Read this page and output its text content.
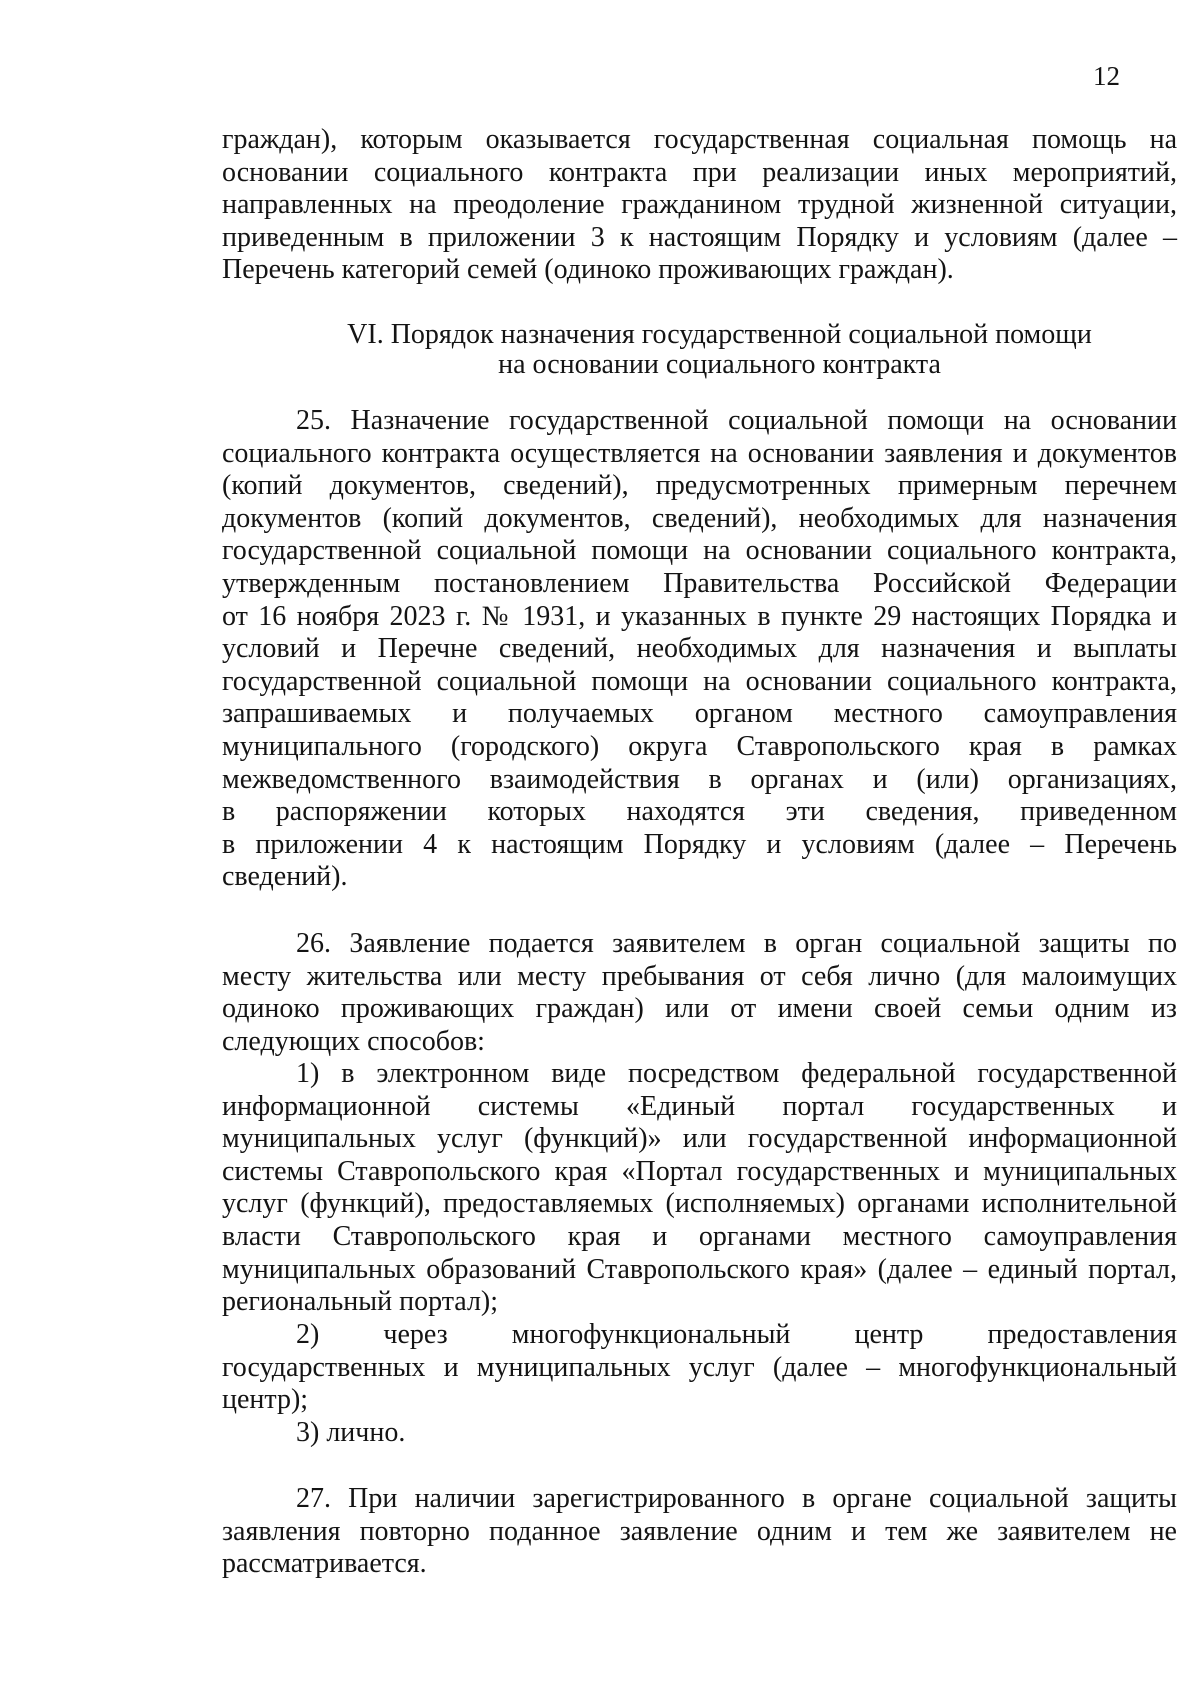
12
граждан), которым оказывается государственная социальная помощь на
основании социального контракта при реализации иных мероприятий,
направленных на преодоление гражданином трудной жизненной ситуации,
приведенным в приложении 3 к настоящим Порядку и условиям (далее –
Перечень категорий семей (одиноко проживающих граждан).
VI. Порядок назначения государственной социальной помощи
на основании социального контракта
25. Назначение государственной социальной помощи на основании
социального контракта осуществляется на основании заявления и документов
(копий документов, сведений), предусмотренных примерным перечнем
документов (копий документов, сведений), необходимых для назначения
государственной социальной помощи на основании социального контракта,
утвержденным постановлением Правительства Российской Федерации
от 16 ноября 2023 г. № 1931, и указанных в пункте 29 настоящих Порядка и
условий и Перечне сведений, необходимых для назначения и выплаты
государственной социальной помощи на основании социального контракта,
запрашиваемых и получаемых органом местного самоуправления
муниципального (городского) округа Ставропольского края в рамках
межведомственного взаимодействия в органах и (или) организациях,
в распоряжении которых находятся эти сведения, приведенном
в приложении 4 к настоящим Порядку и условиям (далее – Перечень
сведений).
26. Заявление подается заявителем в орган социальной защиты по
месту жительства или месту пребывания от себя лично (для малоимущих
одиноко проживающих граждан) или от имени своей семьи одним из
следующих способов:
1) в электронном виде посредством федеральной государственной
информационной системы «Единый портал государственных и
муниципальных услуг (функций)» или государственной информационной
системы Ставропольского края «Портал государственных и муниципальных
услуг (функций), предоставляемых (исполняемых) органами исполнительной
власти Ставропольского края и органами местного самоуправления
муниципальных образований Ставропольского края» (далее – единый портал,
региональный портал);
2) через многофункциональный центр предоставления
государственных и муниципальных услуг (далее – многофункциональный
центр);
3) лично.
27. При наличии зарегистрированного в органе социальной защиты
заявления повторно поданное заявление одним и тем же заявителем не
рассматривается.
